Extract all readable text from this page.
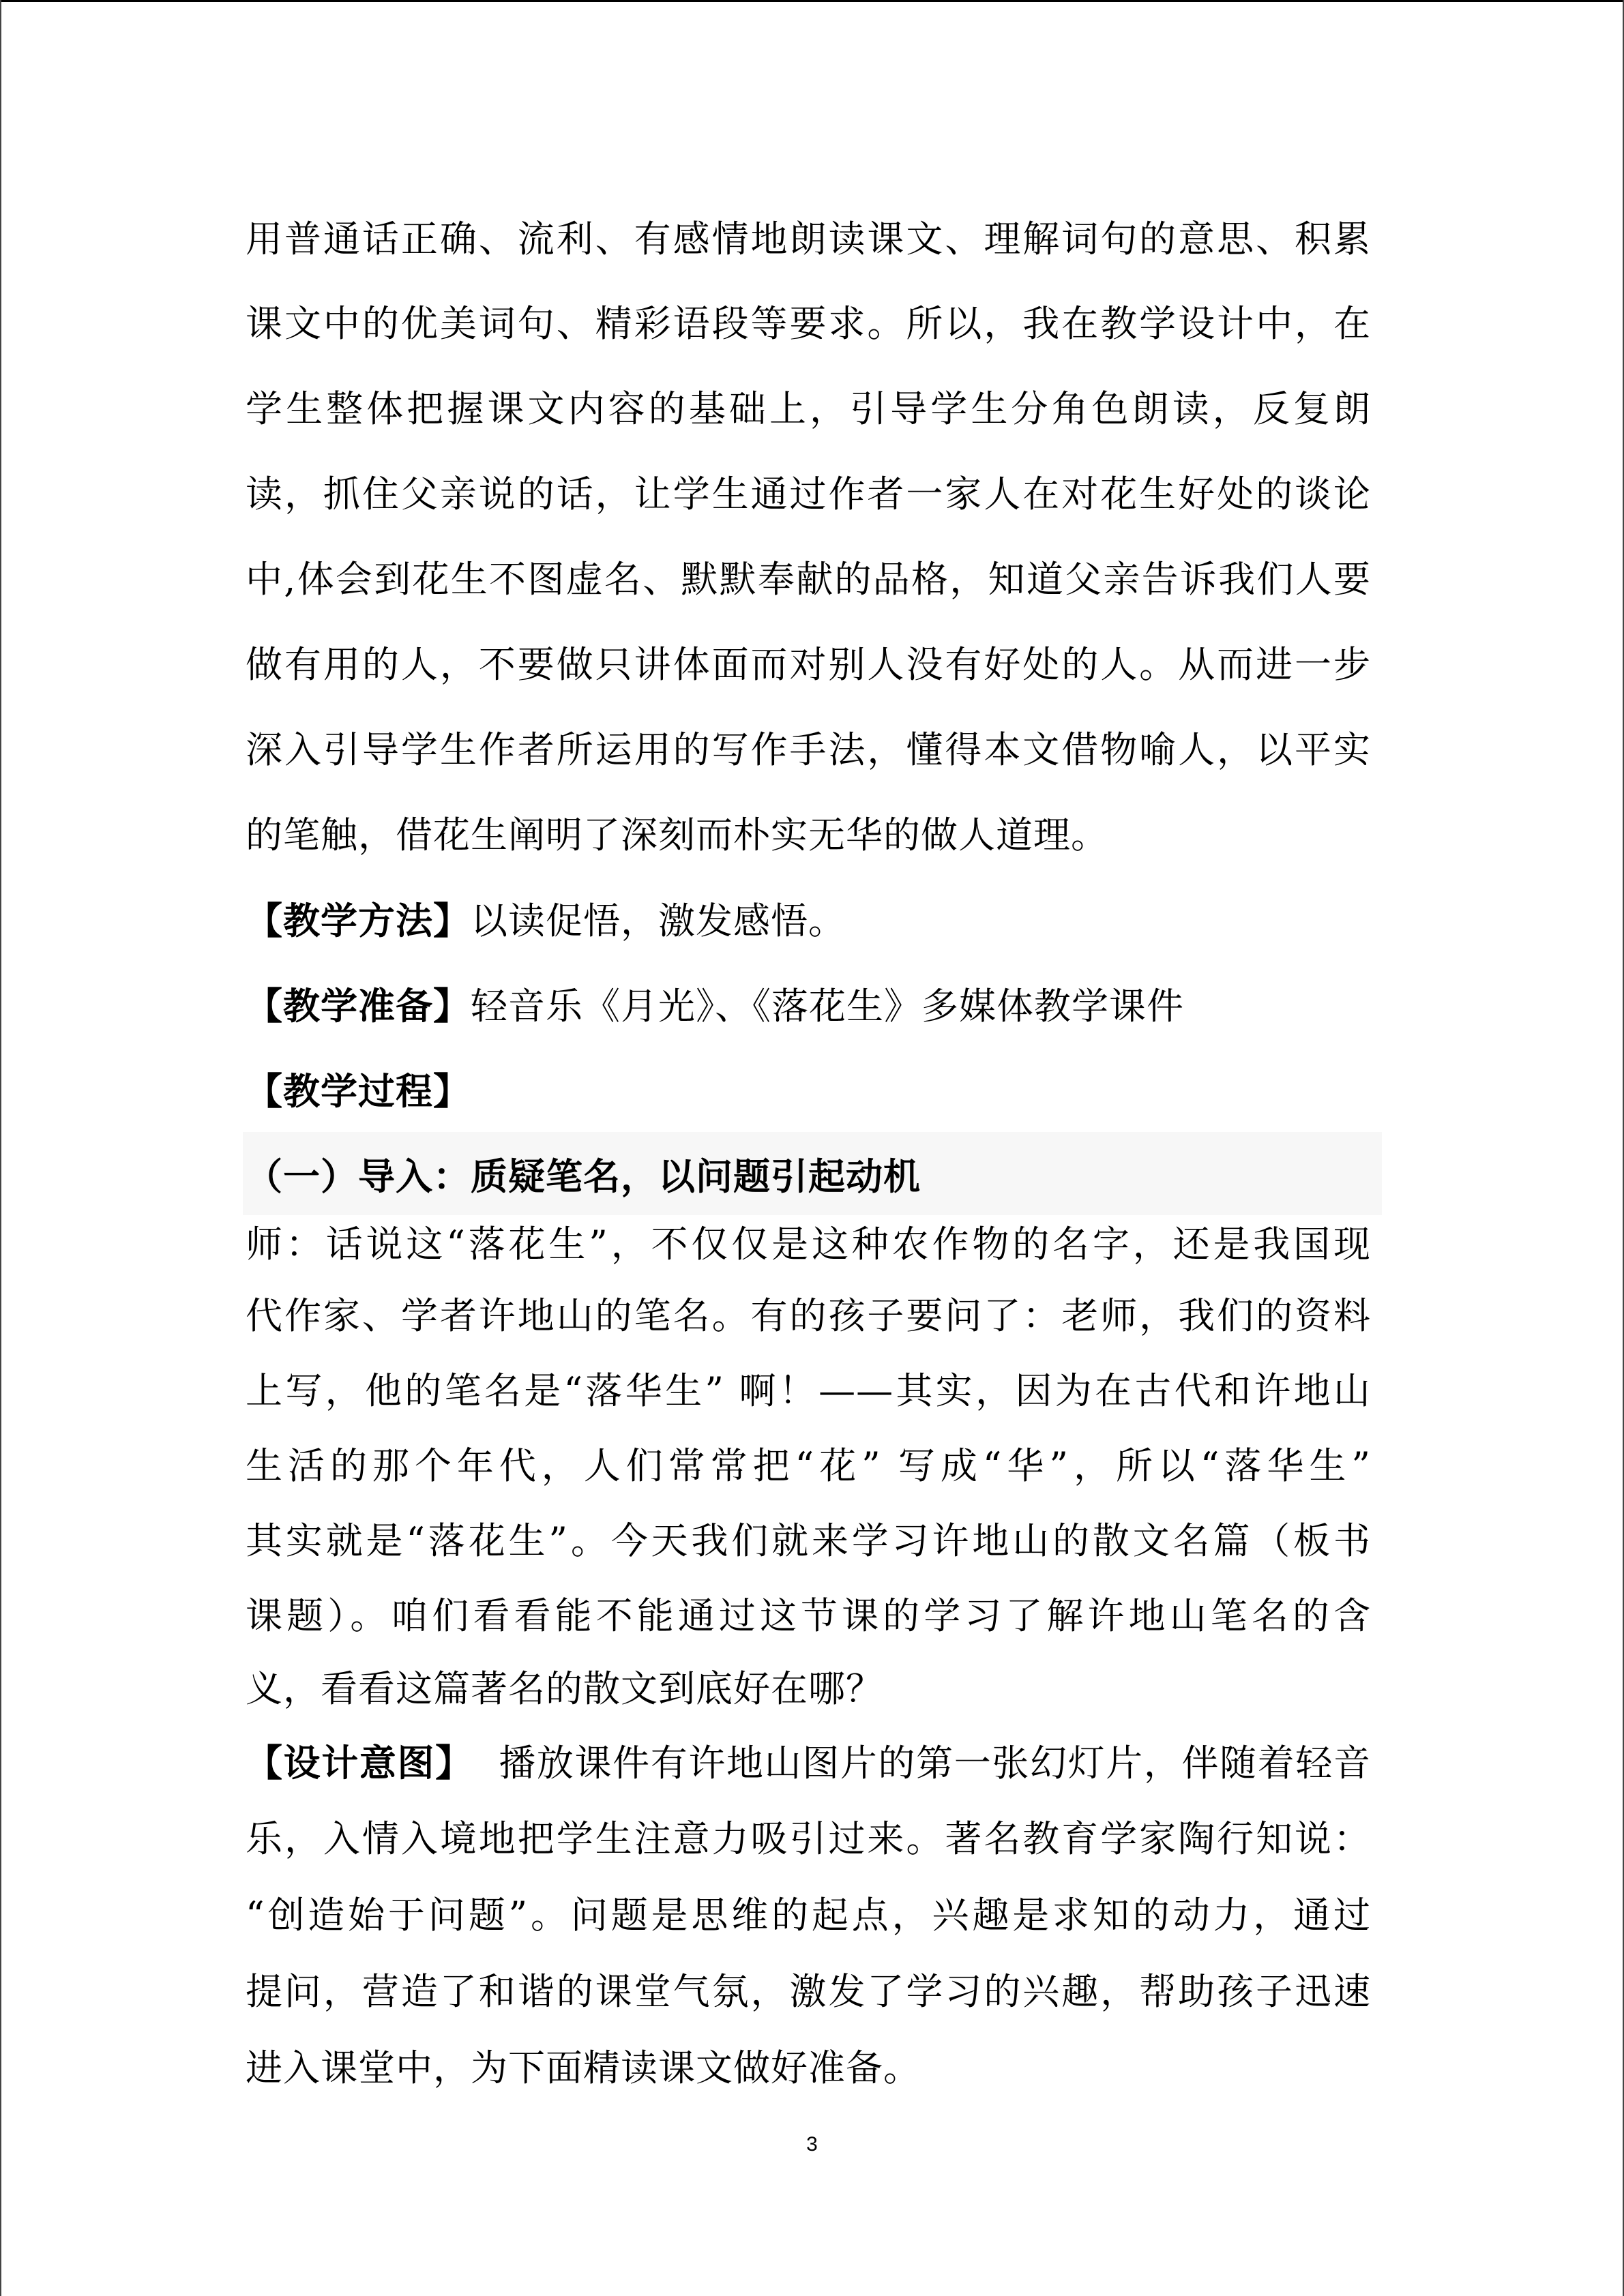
用普通话正确、流利、有感情地朗读课文、理解词句的意思、积累
课文中的优美词句、精彩语段等要求。所以，我在教学设计中，在
学生整体把握课文内容的基础上，引导学生分角色朗读，反复朗
读，抓住父亲说的话，让学生通过作者一家人在对花生好处的谈论
中,体会到花生不图虚名、默默奉献的品格，知道父亲告诉我们人要
做有用的人，不要做只讲体面而对别人没有好处的人。从而进一步
深入引导学生作者所运用的写作手法，懂得本文借物喻人，以平实
的笔触，借花生阐明了深刻而朴实无华的做人道理。
【教学方法】以读促悟，激发感悟。
【教学准备】轻音乐《月光》、《落花生》多媒体教学课件
【教学过程】
（一）导入：质疑笔名，以问题引起动机
师：话说这“落花生”，不仅仅是这种农作物的名字，还是我国现
代作家、学者许地山的笔名。有的孩子要问了：老师，我们的资料
上写，他的笔名是“落华生” 啊！——其实，因为在古代和许地山
生活的那个年代，人们常常把“花” 写成“华”，所以“落华生”
其实就是“落花生”。今天我们就来学习许地山的散文名篇（板书
课题）。咱们看看能不能通过这节课的学习了解许地山笔名的含
义，看看这篇著名的散文到底好在哪？
【设计意图】  播放课件有许地山图片的第一张幻灯片，伴随着轻音
乐，入情入境地把学生注意力吸引过来。著名教育学家陶行知说：
“创造始于问题”。问题是思维的起点，兴趣是求知的动力，通过
提问，营造了和谐的课堂气氛，激发了学习的兴趣，帮助孩子迅速
进入课堂中，为下面精读课文做好准备。
3
